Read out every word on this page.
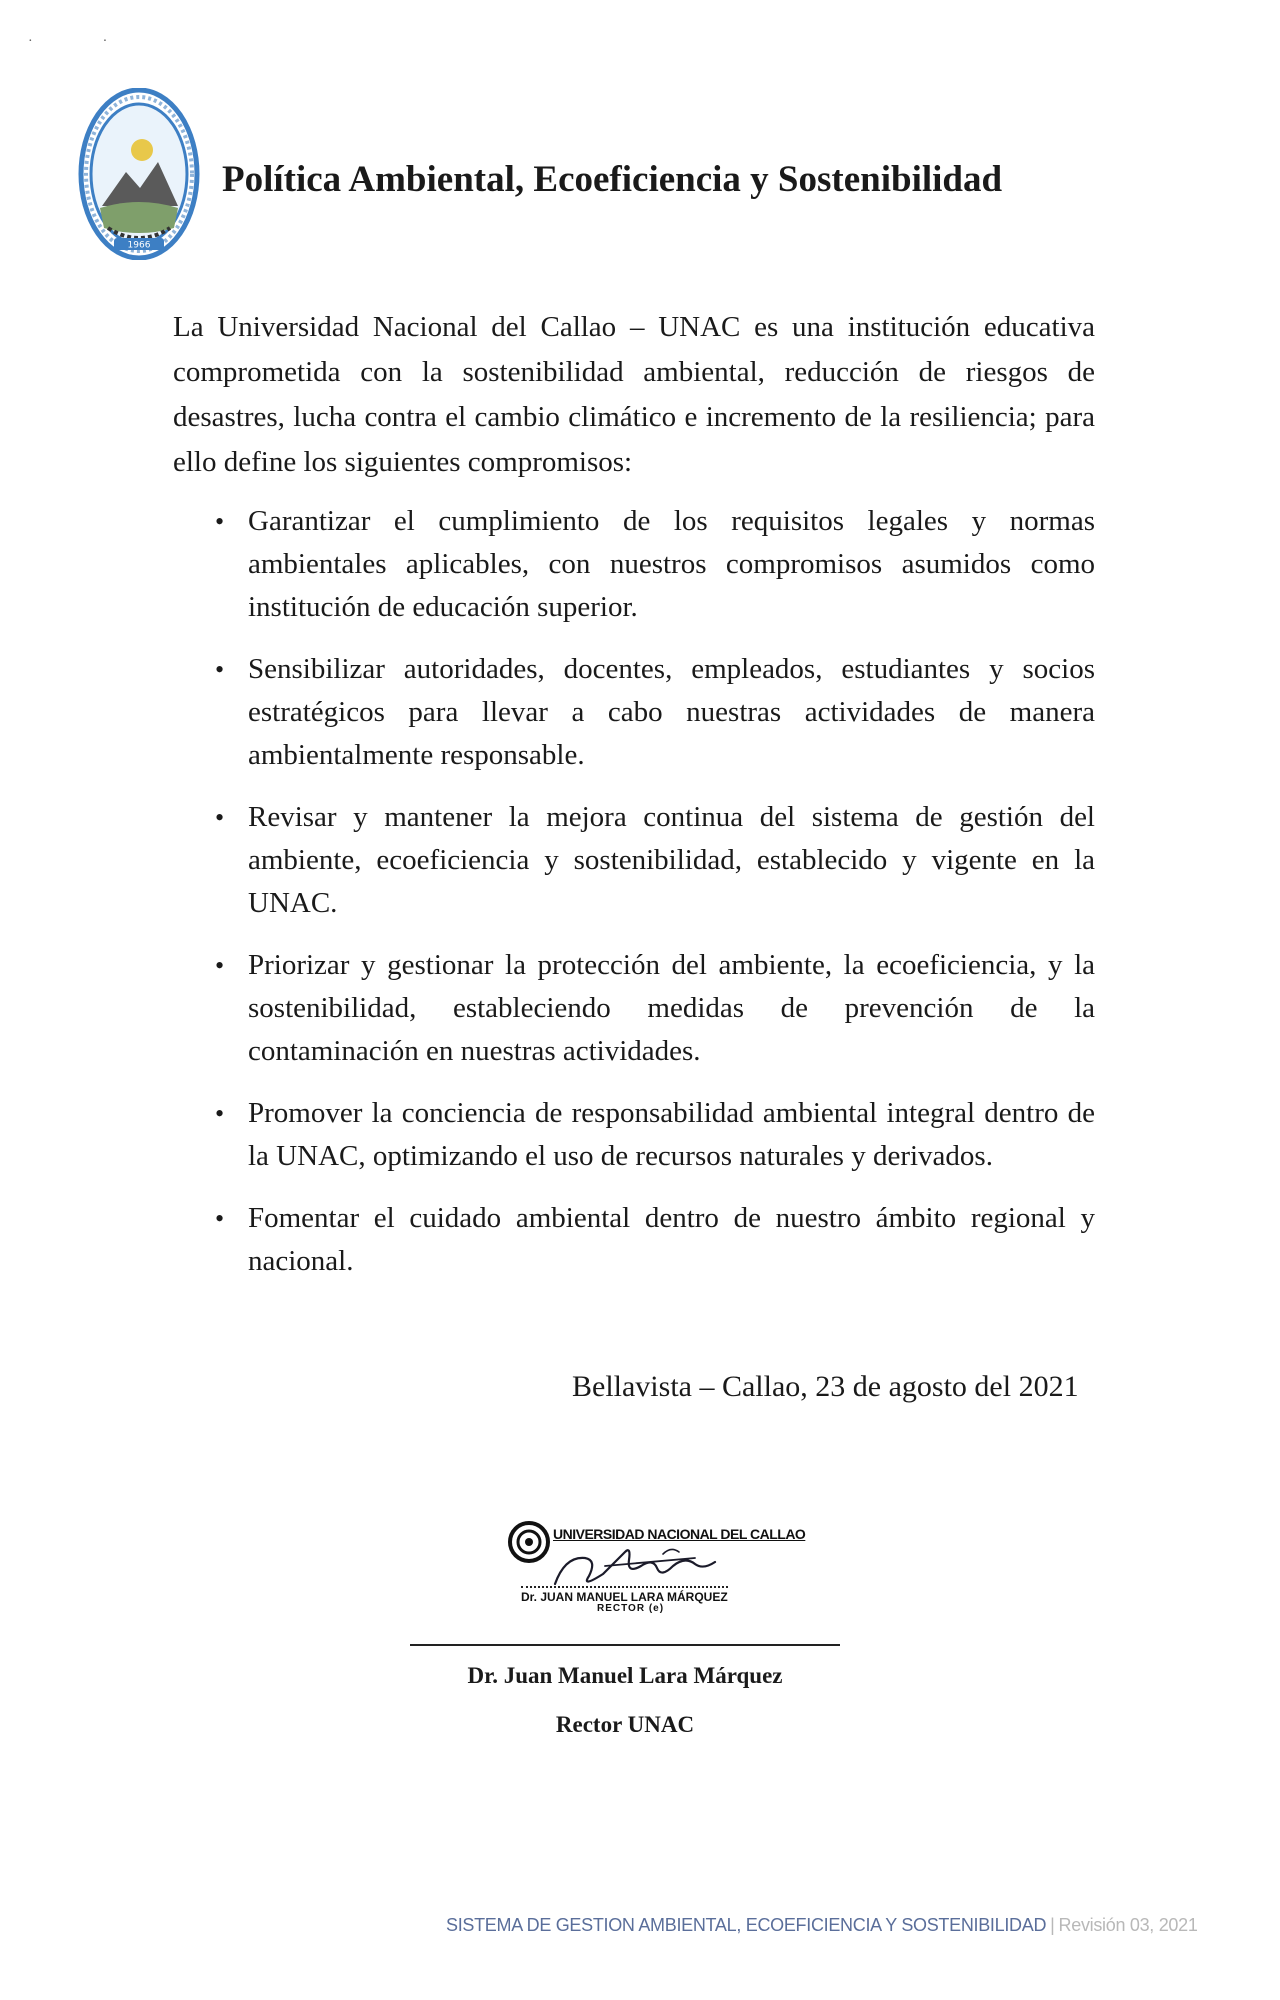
··
1966
Política Ambiental, Ecoeficiencia y Sostenibilidad

La Universidad Nacional del Callao – UNAC es una institución educativa comprometida con la sostenibilidad ambiental, reducción de riesgos de desastres, lucha contra el cambio climático e incremento de la resiliencia; para ello define los siguientes compromisos:

• Garantizar el cumplimiento de los requisitos legales y normas ambientales aplicables, con nuestros compromisos asumidos como institución de educación superior.
• Sensibilizar autoridades, docentes, empleados, estudiantes y socios estratégicos para llevar a cabo nuestras actividades de manera ambientalmente responsable.
• Revisar y mantener la mejora continua del sistema de gestión del ambiente, ecoeficiencia y sostenibilidad, establecido y vigente en la UNAC.
• Priorizar y gestionar la protección del ambiente, la ecoeficiencia, y la sostenibilidad, estableciendo medidas de prevención de la contaminación en nuestras actividades.
• Promover la conciencia de responsabilidad ambiental integral dentro de la UNAC, optimizando el uso de recursos naturales y derivados.
• Fomentar el cuidado ambiental dentro de nuestro ámbito regional y nacional.
Bellavista – Callao, 23 de agosto del 2021
UNIVERSIDAD NACIONAL DEL CALLAO
Dr. JUAN MANUEL LARA MÁRQUEZ
RECTOR (e)
Dr. Juan Manuel Lara Márquez
Rector UNAC
SISTEMA DE GESTION AMBIENTAL, ECOEFICIENCIA Y SOSTENIBILIDAD | Revisión 03, 2021
